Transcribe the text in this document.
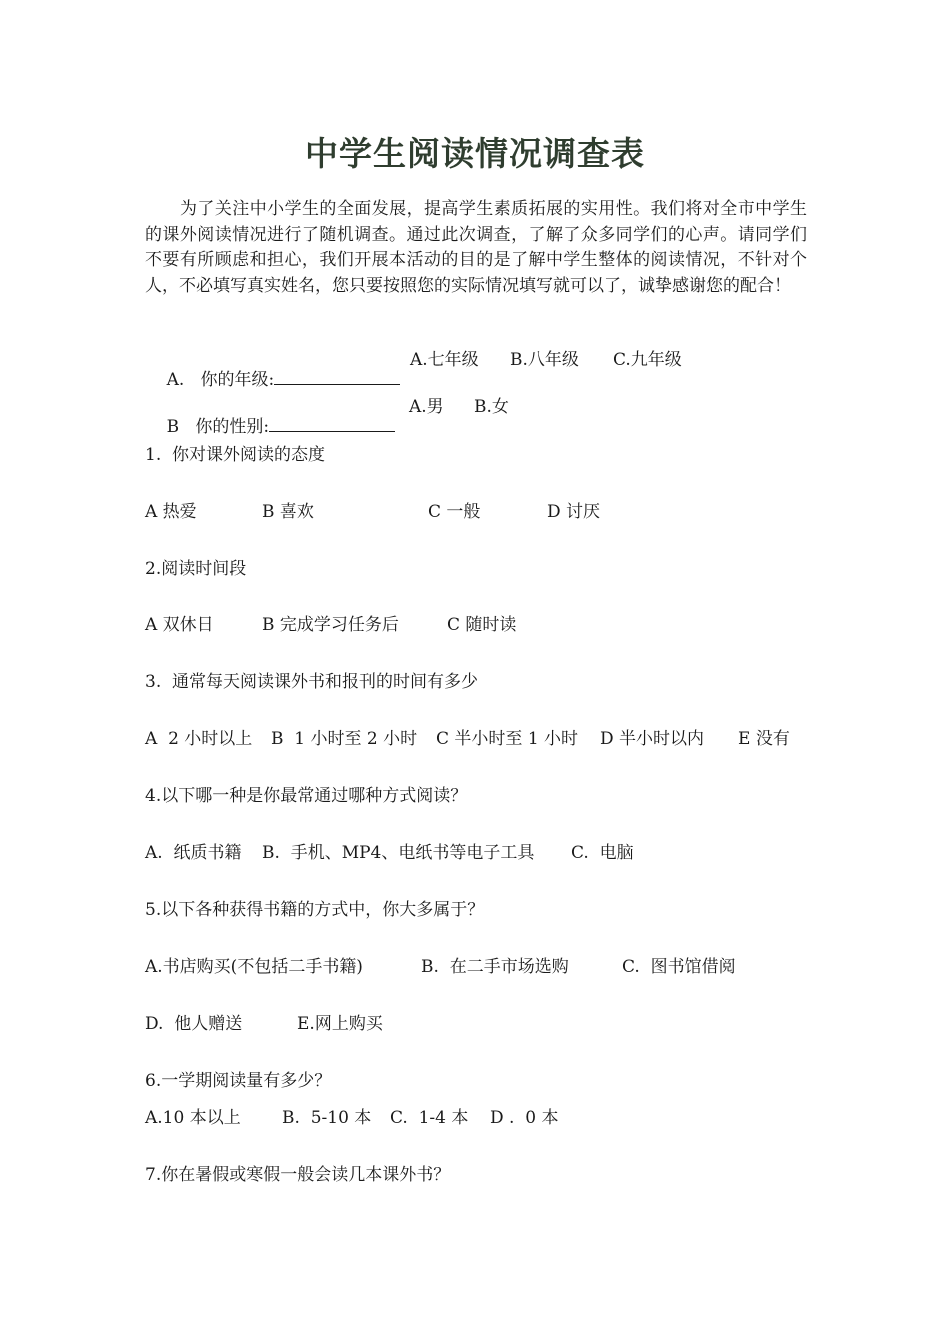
中学生阅读情况调查表

为了关注中小学生的全面发展，提高学生素质拓展的实用性。我们将对全市中学生的课外阅读情况进行了随机调查。通过此次调查，了解了众多同学们的心声。请同学们不要有所顾虑和担心，我们开展本活动的目的是了解中学生整体的阅读情况，不针对个人，不必填写真实姓名，您只要按照您的实际情况填写就可以了，诚挚感谢您的配合！

A.   你的年级:

A.七年级 B.八年级 C.九年级

B   你的性别:

A.男 B.女
1.  你对课外阅读的态度
A 热爱	B 喜欢	C 一般	D 讨厌
2.阅读时间段
A 双休日	B 完成学习任务后	C 随时读
3.  通常每天阅读课外书和报刊的时间有多少
A  2 小时以上 B  1 小时至 2 小时 C 半小时至 1 小时 D 半小时以内 E 没有
4.以下哪一种是你最常通过哪种方式阅读？
A.  纸质书籍 B.  手机、MP4、电纸书等电子工具 C.  电脑
5.以下各种获得书籍的方式中，你大多属于？
A.书店购买(不包括二手书籍)	B.  在二手市场选购	C.  图书馆借阅
D.  他人赠送	E.网上购买
6.一学期阅读量有多少？
A.10 本以上 B.  5-10 本 C.  1-4 本 D .  0 本
7.你在暑假或寒假一般会读几本课外书？
